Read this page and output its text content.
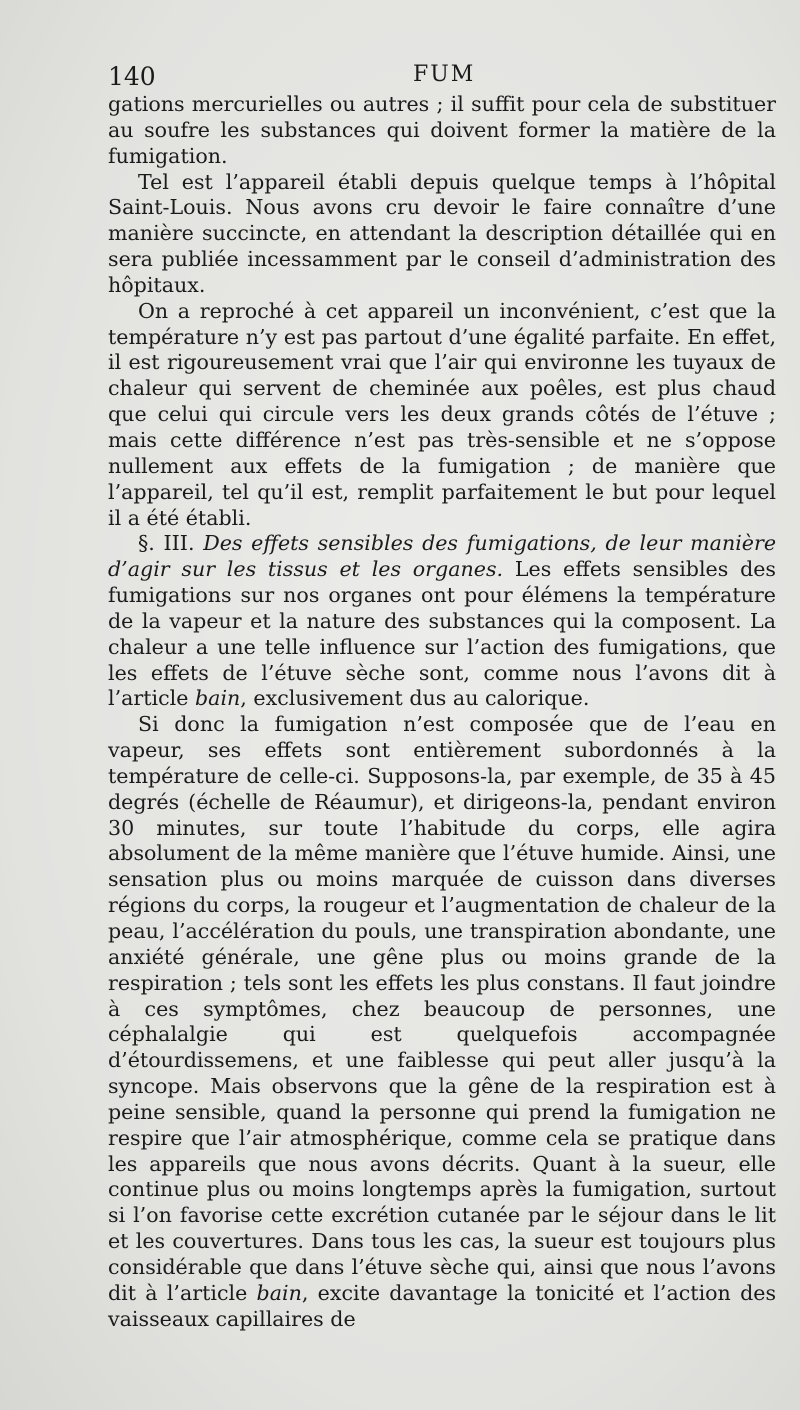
140	FUM

gations mercurielles ou autres ; il suffit pour cela de substituer au soufre les substances qui doivent former la matière de la fumigation.

Tel est l’appareil établi depuis quelque temps à l’hôpital Saint-Louis. Nous avons cru devoir le faire connaître d’une manière succincte, en attendant la description détaillée qui en sera publiée incessamment par le conseil d’administration des hôpitaux.

On a reproché à cet appareil un inconvénient, c’est que la température n’y est pas partout d’une égalité parfaite. En effet, il est rigoureusement vrai que l’air qui environne les tuyaux de chaleur qui servent de cheminée aux poêles, est plus chaud que celui qui circule vers les deux grands côtés de l’étuve ; mais cette différence n’est pas très-sensible et ne s’oppose nullement aux effets de la fumigation ; de manière que l’appareil, tel qu’il est, remplit parfaitement le but pour lequel il a été établi.

§. III. Des effets sensibles des fumigations, de leur manière d’agir sur les tissus et les organes. Les effets sensibles des fumigations sur nos organes ont pour élémens la température de la vapeur et la nature des substances qui la composent. La chaleur a une telle influence sur l’action des fumigations, que les effets de l’étuve sèche sont, comme nous l’avons dit à l’article bain, exclusivement dus au calorique.

Si donc la fumigation n’est composée que de l’eau en vapeur, ses effets sont entièrement subordonnés à la température de celle-ci. Supposons-la, par exemple, de 35 à 45 degrés (échelle de Réaumur), et dirigeons-la, pendant environ 30 minutes, sur toute l’habitude du corps, elle agira absolument de la même manière que l’étuve humide. Ainsi, une sensation plus ou moins marquée de cuisson dans diverses régions du corps, la rougeur et l’augmentation de chaleur de la peau, l’accélération du pouls, une transpiration abondante, une anxiété générale, une gêne plus ou moins grande de la respiration ; tels sont les effets les plus constans. Il faut joindre à ces symptômes, chez beaucoup de personnes, une céphalalgie qui est quelquefois accompagnée d’étourdissemens, et une faiblesse qui peut aller jusqu’à la syncope. Mais observons que la gêne de la respiration est à peine sensible, quand la personne qui prend la fumigation ne respire que l’air atmosphérique, comme cela se pratique dans les appareils que nous avons décrits. Quant à la sueur, elle continue plus ou moins longtemps après la fumigation, surtout si l’on favorise cette excrétion cutanée par le séjour dans le lit et les couvertures. Dans tous les cas, la sueur est toujours plus considérable que dans l’étuve sèche qui, ainsi que nous l’avons dit à l’article bain, excite davantage la tonicité et l’action des vaisseaux capillaires de
